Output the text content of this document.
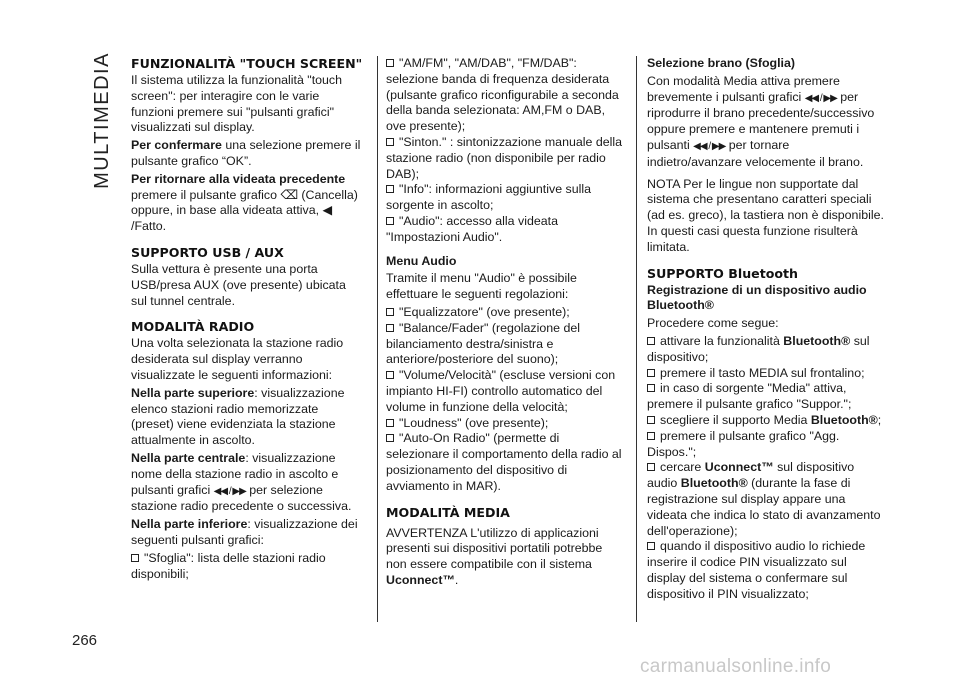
MULTIMEDIA FUNZIONALITÀ "TOUCH SCREEN"

Il sistema utilizza la funzionalità "touch screen": per interagire con le varie funzioni premere sui "pulsanti grafici" visualizzati sul display.

Per confermare una selezione premere il pulsante grafico “OK”.

Per ritornare alla videata precedente

premere il pulsante grafico ⌫ (Cancella) oppure, in base alla videata attiva, ◀
/Fatto.

SUPPORTO USB / AUX

Sulla vettura è presente una porta USB/presa AUX (ove presente) ubicata sul tunnel centrale.

MODALITÀ RADIO

Una volta selezionata la stazione radio desiderata sul display verranno visualizzate le seguenti informazioni:

Nella parte superiore: visualizzazione elenco stazioni radio memorizzate (preset) viene evidenziata la stazione attualmente in ascolto.

Nella parte centrale: visualizzazione nome della stazione radio in ascolto e pulsanti grafici ◀◀ / ▶▶ per selezione stazione radio precedente o successiva.

Nella parte inferiore: visualizzazione dei seguenti pulsanti grafici:

"Sfoglia": lista delle stazioni radio disponibili;

"AM/FM", "AM/DAB", "FM/DAB": selezione banda di frequenza desiderata (pulsante grafico riconfigurabile a seconda della banda selezionata: AM,FM o DAB, ove presente);

"Sinton." : sintonizzazione manuale della stazione radio (non disponibile per radio DAB);

"Info": informazioni aggiuntive sulla sorgente in ascolto;

"Audio": accesso alla videata "Impostazioni Audio".

Menu Audio

Tramite il menu "Audio" è possibile effettuare le seguenti regolazioni:

"Equalizzatore" (ove presente);

"Balance/Fader" (regolazione del bilanciamento destra/sinistra e anteriore/posteriore del suono);

"Volume/Velocità" (escluse versioni con impianto HI-FI) controllo automatico del volume in funzione della velocità;

"Loudness" (ove presente);

"Auto-On Radio" (permette di selezionare il comportamento della radio al posizionamento del dispositivo di avviamento in MAR).

MODALITÀ MEDIA

AVVERTENZA L'utilizzo di applicazioni presenti sui dispositivi portatili potrebbe non essere compatibile con il sistema Uconnect™.

Selezione brano (Sfoglia)

Con modalità Media attiva premere brevemente i pulsanti grafici ◀◀ / ▶▶ per riprodurre il brano precedente/successivo oppure premere e mantenere premuti i pulsanti ◀◀ / ▶▶ per tornare indietro/avanzare velocemente il brano.

NOTA Per le lingue non supportate dal sistema che presentano caratteri speciali (ad es. greco), la tastiera non è disponibile. In questi casi questa funzione risulterà limitata.

SUPPORTO Bluetooth

Registrazione di un dispositivo audio Bluetooth®

Procedere come segue:

attivare la funzionalità Bluetooth® sul dispositivo;

premere il tasto MEDIA sul frontalino;

in caso di sorgente "Media" attiva, premere il pulsante grafico "Suppor.";

scegliere il supporto Media Bluetooth®;

premere il pulsante grafico "Agg. Dispos.";

cercare Uconnect™ sul dispositivo audio Bluetooth® (durante la fase di registrazione sul display appare una videata che indica lo stato di avanzamento dell'operazione);

quando il dispositivo audio lo richiede inserire il codice PIN visualizzato sul display del sistema o confermare sul dispositivo il PIN visualizzato;

266
carmanualsonline.info
